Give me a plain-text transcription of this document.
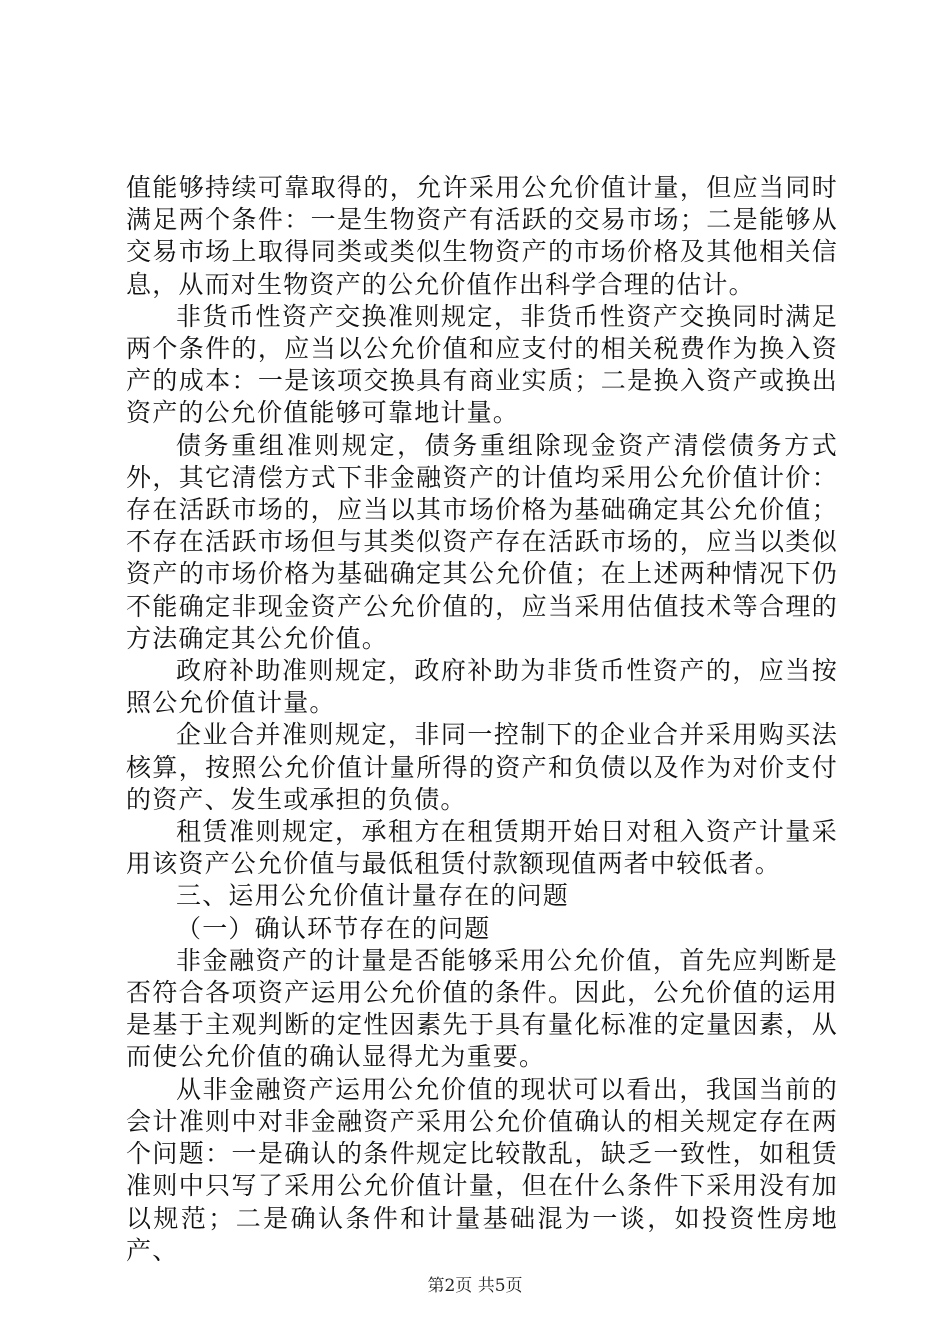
值能够持续可靠取得的，允许采用公允价值计量，但应当同时满足两个条件：一是生物资产有活跃的交易市场；二是能够从交易市场上取得同类或类似生物资产的市场价格及其他相关信息，从而对生物资产的公允价值作出科学合理的估计。

非货币性资产交换准则规定，非货币性资产交换同时满足两个条件的，应当以公允价值和应支付的相关税费作为换入资产的成本：一是该项交换具有商业实质；二是换入资产或换出资产的公允价值能够可靠地计量。

债务重组准则规定，债务重组除现金资产清偿债务方式外，其它清偿方式下非金融资产的计值均采用公允价值计价：存在活跃市场的，应当以其市场价格为基础确定其公允价值；不存在活跃市场但与其类似资产存在活跃市场的，应当以类似资产的市场价格为基础确定其公允价值；在上述两种情况下仍不能确定非现金资产公允价值的，应当采用估值技术等合理的方法确定其公允价值。

政府补助准则规定，政府补助为非货币性资产的，应当按照公允价值计量。

企业合并准则规定，非同一控制下的企业合并采用购买法核算，按照公允价值计量所得的资产和负债以及作为对价支付的资产、发生或承担的负债。

租赁准则规定，承租方在租赁期开始日对租入资产计量采用该资产公允价值与最低租赁付款额现值两者中较低者。

三、运用公允价值计量存在的问题

（一）确认环节存在的问题

非金融资产的计量是否能够采用公允价值，首先应判断是否符合各项资产运用公允价值的条件。因此，公允价值的运用是基于主观判断的定性因素先于具有量化标准的定量因素，从而使公允价值的确认显得尤为重要。

从非金融资产运用公允价值的现状可以看出，我国当前的会计准则中对非金融资产采用公允价值确认的相关规定存在两个问题：一是确认的条件规定比较散乱，缺乏一致性，如租赁准则中只写了采用公允价值计量，但在什么条件下采用没有加以规范；二是确认条件和计量基础混为一谈，如投资性房地产、

第2页 共5页
